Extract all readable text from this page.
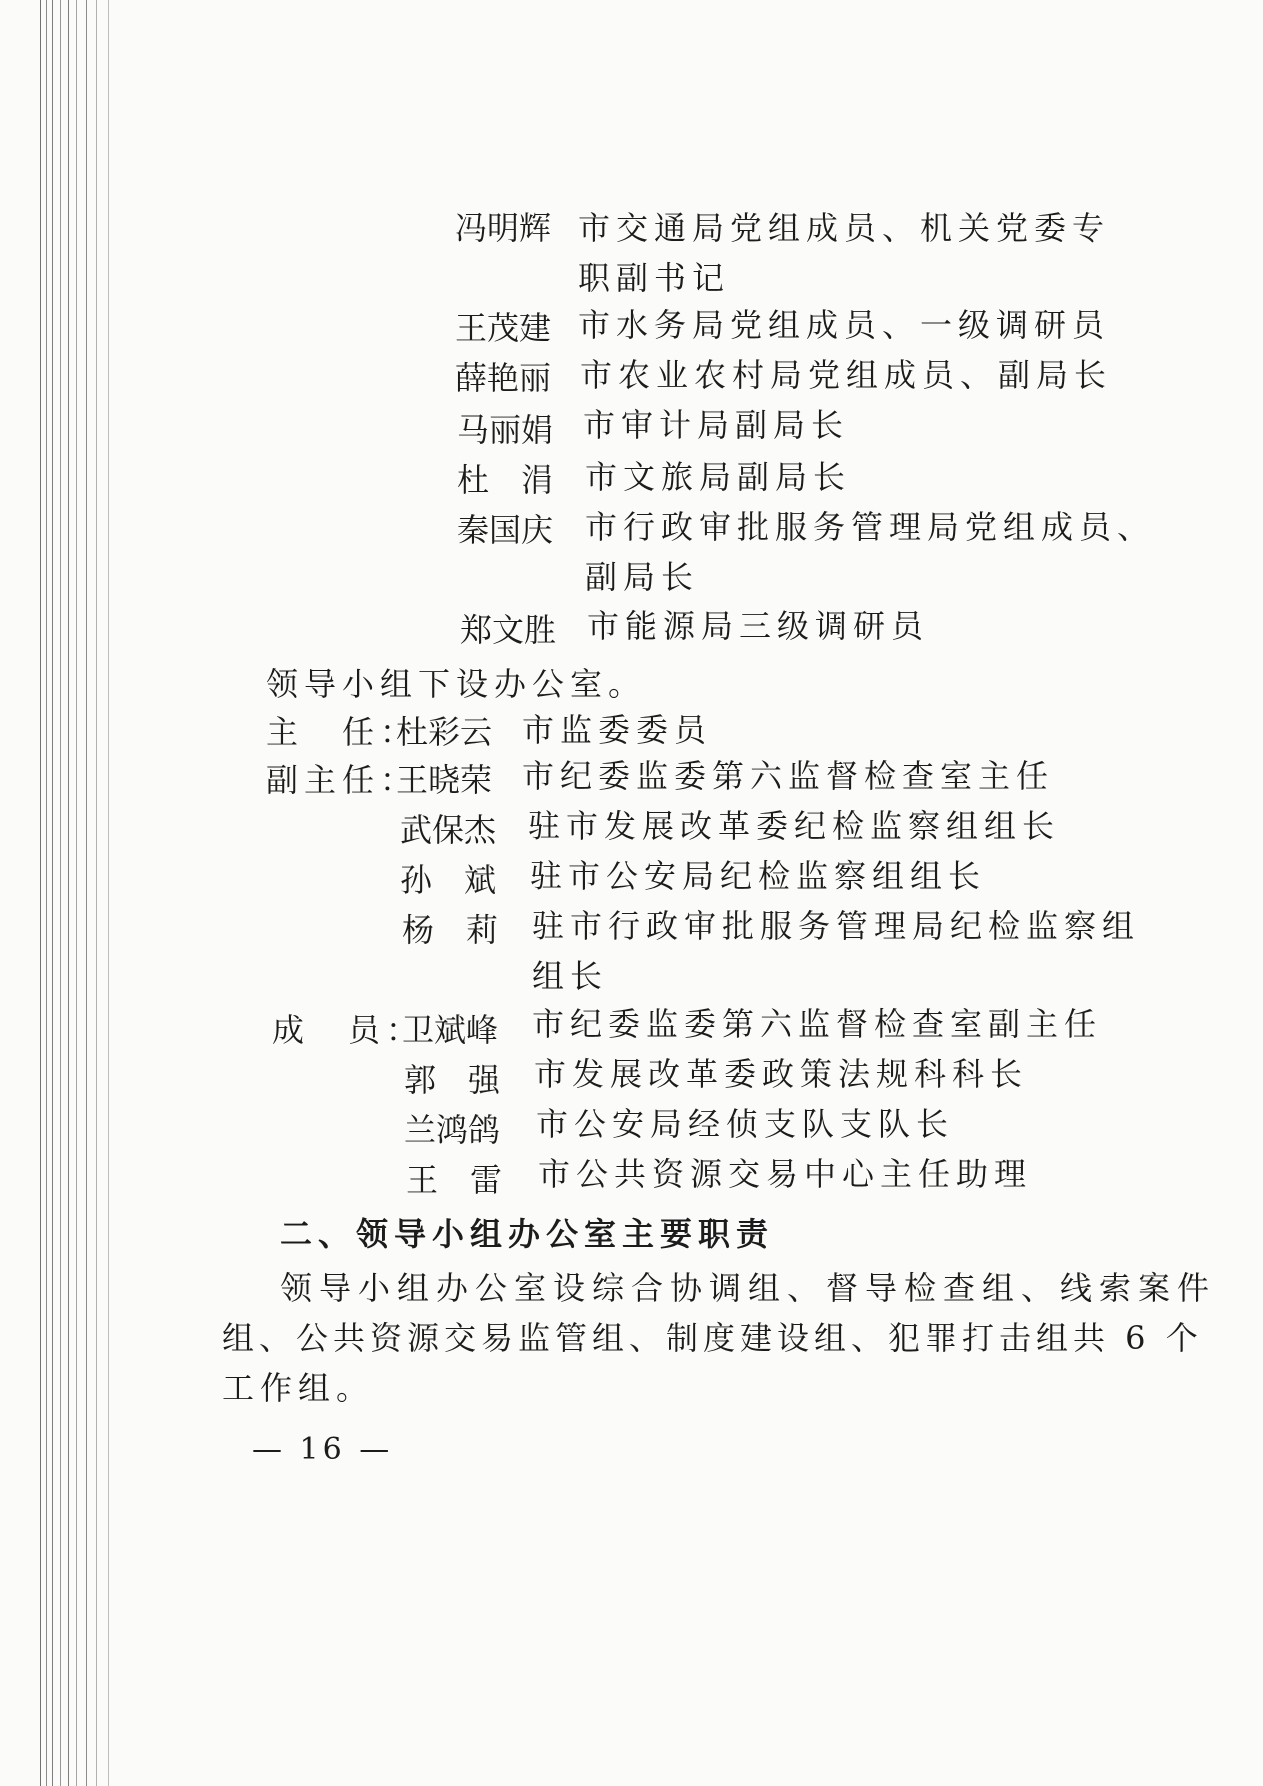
冯明辉 市交通局党组成员、机关党委专
职副书记
王茂建 市水务局党组成员、一级调研员
薛艳丽 市农业农村局党组成员、副局长
马丽娟 市审计局副局长
杜　涓 市文旅局副局长
秦国庆 市行政审批服务管理局党组成员、
副局长
郑文胜 市能源局三级调研员
领导小组下设办公室。
主　任：
杜彩云 市监委委员
副主任：
王晓荣 市纪委监委第六监督检查室主任
武保杰 驻市发展改革委纪检监察组组长
孙　斌 驻市公安局纪检监察组组长
杨　莉 驻市行政审批服务管理局纪检监察组
组长
成　员：
卫斌峰 市纪委监委第六监督检查室副主任
郭　强 市发展改革委政策法规科科长
兰鸿鸽 市公安局经侦支队支队长
王　雷 市公共资源交易中心主任助理
二、领导小组办公室主要职责
领导小组办公室设综合协调组、督导检查组、线索案件
组、公共资源交易监管组、制度建设组、犯罪打击组共 6 个
工作组。
— 16 —
